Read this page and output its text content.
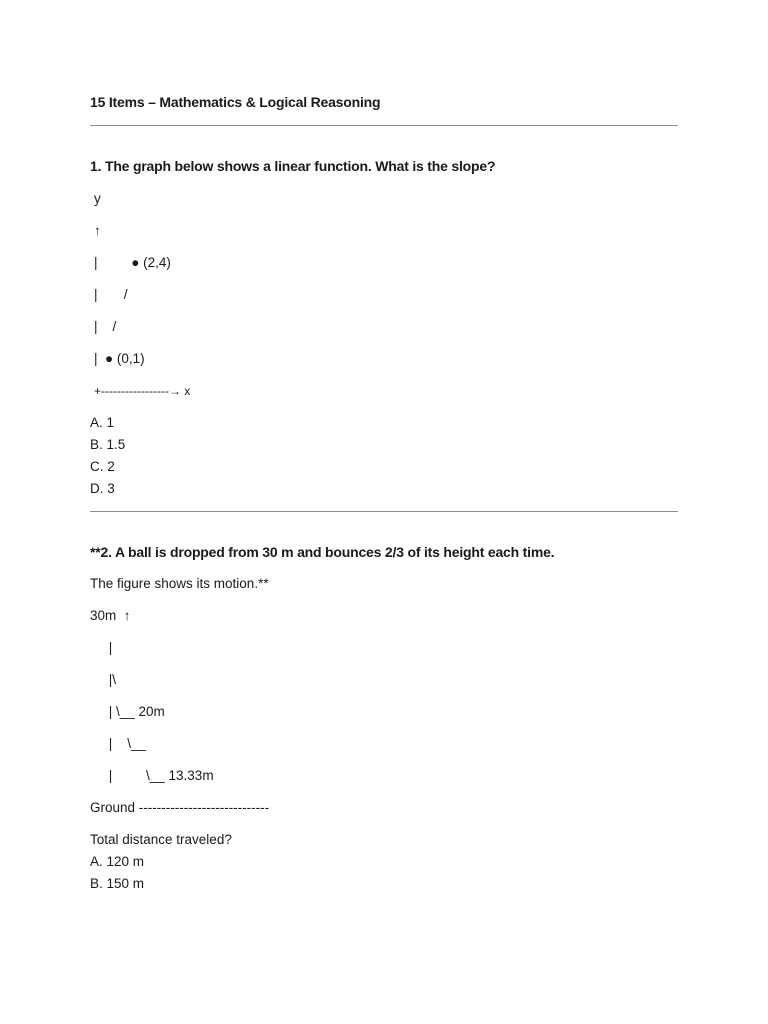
15 Items – Mathematics & Logical Reasoning
1. The graph below shows a linear function. What is the slope?
y
↑
|         ● (2,4)
|       /
|    /
|  ● (0,1)
+-----------------→ x
A. 1
B. 1.5
C. 2
D. 3
**2. A ball is dropped from 30 m and bounces 2/3 of its height each time.
The figure shows its motion.**
30m  ↑
|
|\
| \__ 20m
|    \__
|         \__ 13.33m
Ground -----------------------------
Total distance traveled?
A. 120 m
B. 150 m
